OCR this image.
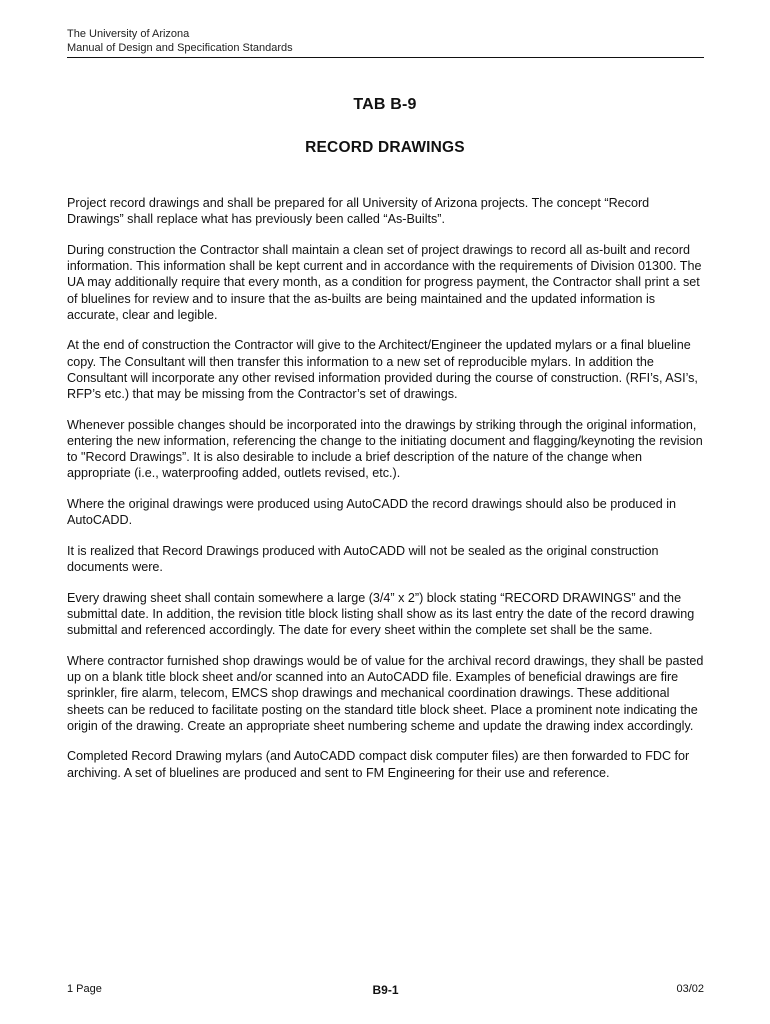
The University of Arizona
Manual of Design and Specification Standards
TAB B-9
RECORD DRAWINGS

Project record drawings and shall be prepared for all University of Arizona projects. The concept “Record Drawings” shall replace what has previously been called “As-Builts”.

During construction the Contractor shall maintain a clean set of project drawings to record all as-built and record information. This information shall be kept current and in accordance with the requirements of Division 01300. The UA may additionally require that every month, as a condition for progress payment, the Contractor shall print a set of bluelines for review and to insure that the as-builts are being maintained and the updated information is accurate, clear and legible.

At the end of construction the Contractor will give to the Architect/Engineer the updated mylars or a final blueline copy. The Consultant will then transfer this information to a new set of reproducible mylars. In addition the Consultant will incorporate any other revised information provided during the course of construction. (RFI’s, ASI’s, RFP’s etc.) that may be missing from the Contractor’s set of drawings.

Whenever possible changes should be incorporated into the drawings by striking through the original information, entering the new information, referencing the change to the initiating document and flagging/keynoting the revision to "Record Drawings”. It is also desirable to include a brief description of the nature of the change when appropriate (i.e., waterproofing added, outlets revised, etc.).

Where the original drawings were produced using AutoCADD the record drawings should also be produced in AutoCADD.

It is realized that Record Drawings produced with AutoCADD will not be sealed as the original construction documents were.

Every drawing sheet shall contain somewhere a large (3/4” x 2”) block stating “RECORD DRAWINGS” and the submittal date. In addition, the revision title block listing shall show as its last entry the date of the record drawing submittal and referenced accordingly. The date for every sheet within the complete set shall be the same.

Where contractor furnished shop drawings would be of value for the archival record drawings, they shall be pasted up on a blank title block sheet and/or scanned into an AutoCADD file. Examples of beneficial drawings are fire sprinkler, fire alarm, telecom, EMCS shop drawings and mechanical coordination drawings. These additional sheets can be reduced to facilitate posting on the standard title block sheet. Place a prominent note indicating the origin of the drawing. Create an appropriate sheet numbering scheme and update the drawing index accordingly.

Completed Record Drawing mylars (and AutoCADD compact disk computer files) are then forwarded to FDC for archiving. A set of bluelines are produced and sent to FM Engineering for their use and reference.

1 Page	B9-1	03/02
